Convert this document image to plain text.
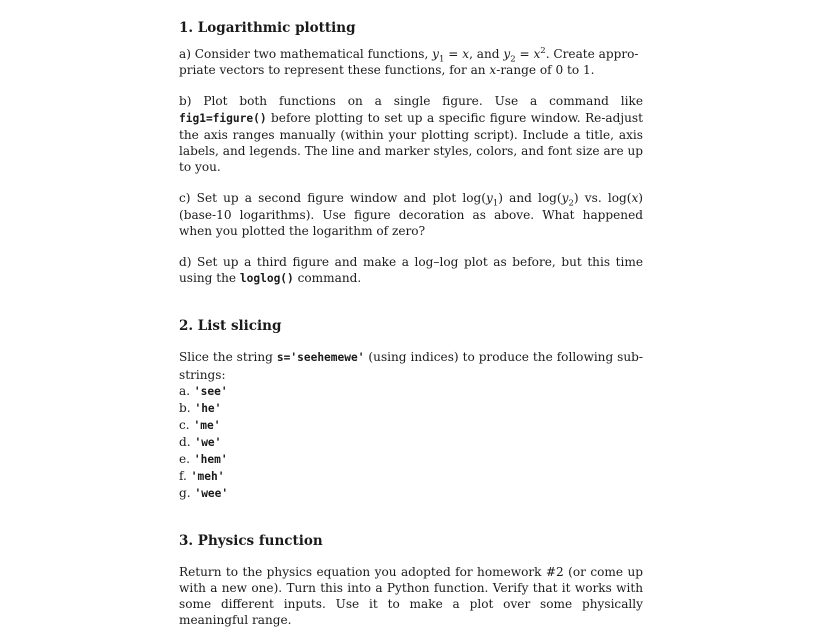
1. Logarithmic plotting

a) Consider two mathematical functions, $y_1 = x$, and $y_2 = x^2$. Create appro-
priate vectors to represent these functions, for an x-range of 0 to 1.

b) Plot both functions on a single figure. Use a command like fig1=figure() before plotting to set up a specific figure window. Re-adjust the axis ranges manually (within your plotting script). Include a title, axis labels, and legends. The line and marker styles, colors, and font size are up to you.

c) Set up a second figure window and plot $\log(y_1)$ and $\log(y_2)$ vs. log(x) (base-10 logarithms). Use figure decoration as above. What happened when you plotted the logarithm of zero?

d) Set up a third figure and make a log–log plot as before, but this time using the loglog() command.

2. List slicing

Slice the string s='seehemewe' (using indices) to produce the following sub-strings:

a. 'see'
b. 'he'
c. 'me'
d. 'we'
e. 'hem'
f. 'meh'
g. 'wee'
3. Physics function

Return to the physics equation you adopted for homework #2 (or come up with a new one). Turn this into a Python function. Verify that it works with some different inputs. Use it to make a plot over some physically meaningful range.
